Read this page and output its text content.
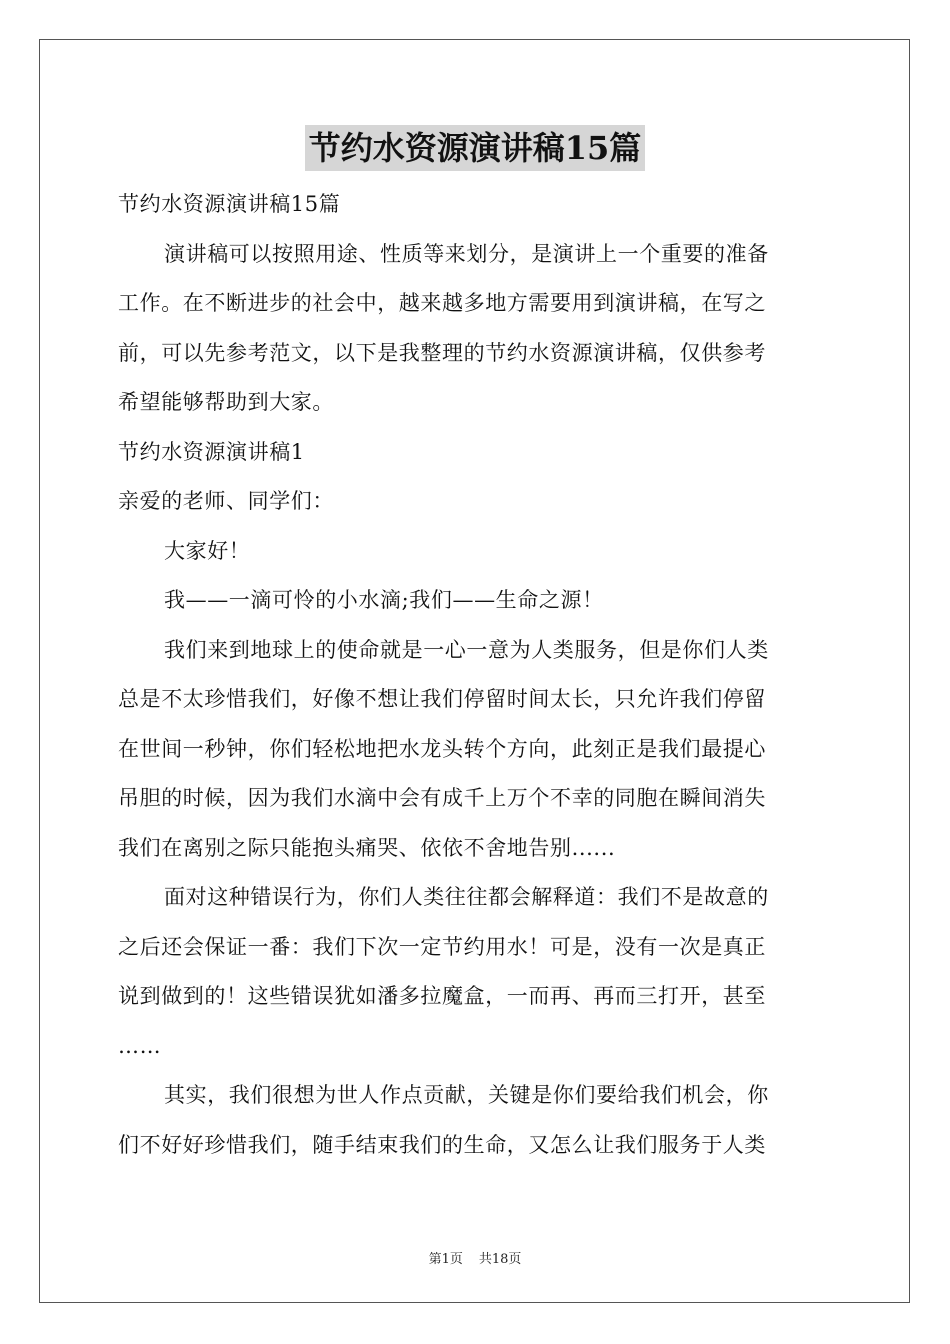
节约水资源演讲稿15篇
节约水资源演讲稿15篇
演讲稿可以按照用途、性质等来划分，是演讲上一个重要的准备
工作。在不断进步的社会中，越来越多地方需要用到演讲稿，在写之
前，可以先参考范文，以下是我整理的节约水资源演讲稿，仅供参考
希望能够帮助到大家。
节约水资源演讲稿1
亲爱的老师、同学们：
大家好！
我——一滴可怜的小水滴;我们——生命之源！
我们来到地球上的使命就是一心一意为人类服务，但是你们人类
总是不太珍惜我们，好像不想让我们停留时间太长，只允许我们停留
在世间一秒钟，你们轻松地把水龙头转个方向，此刻正是我们最提心
吊胆的时候，因为我们水滴中会有成千上万个不幸的同胞在瞬间消失
我们在离别之际只能抱头痛哭、依依不舍地告别......
面对这种错误行为，你们人类往往都会解释道：我们不是故意的
之后还会保证一番：我们下次一定节约用水！可是，没有一次是真正
说到做到的！这些错误犹如潘多拉魔盒，一而再、再而三打开，甚至
……
其实，我们很想为世人作点贡献，关键是你们要给我们机会，你
们不好好珍惜我们，随手结束我们的生命，又怎么让我们服务于人类
第1页 共18页
